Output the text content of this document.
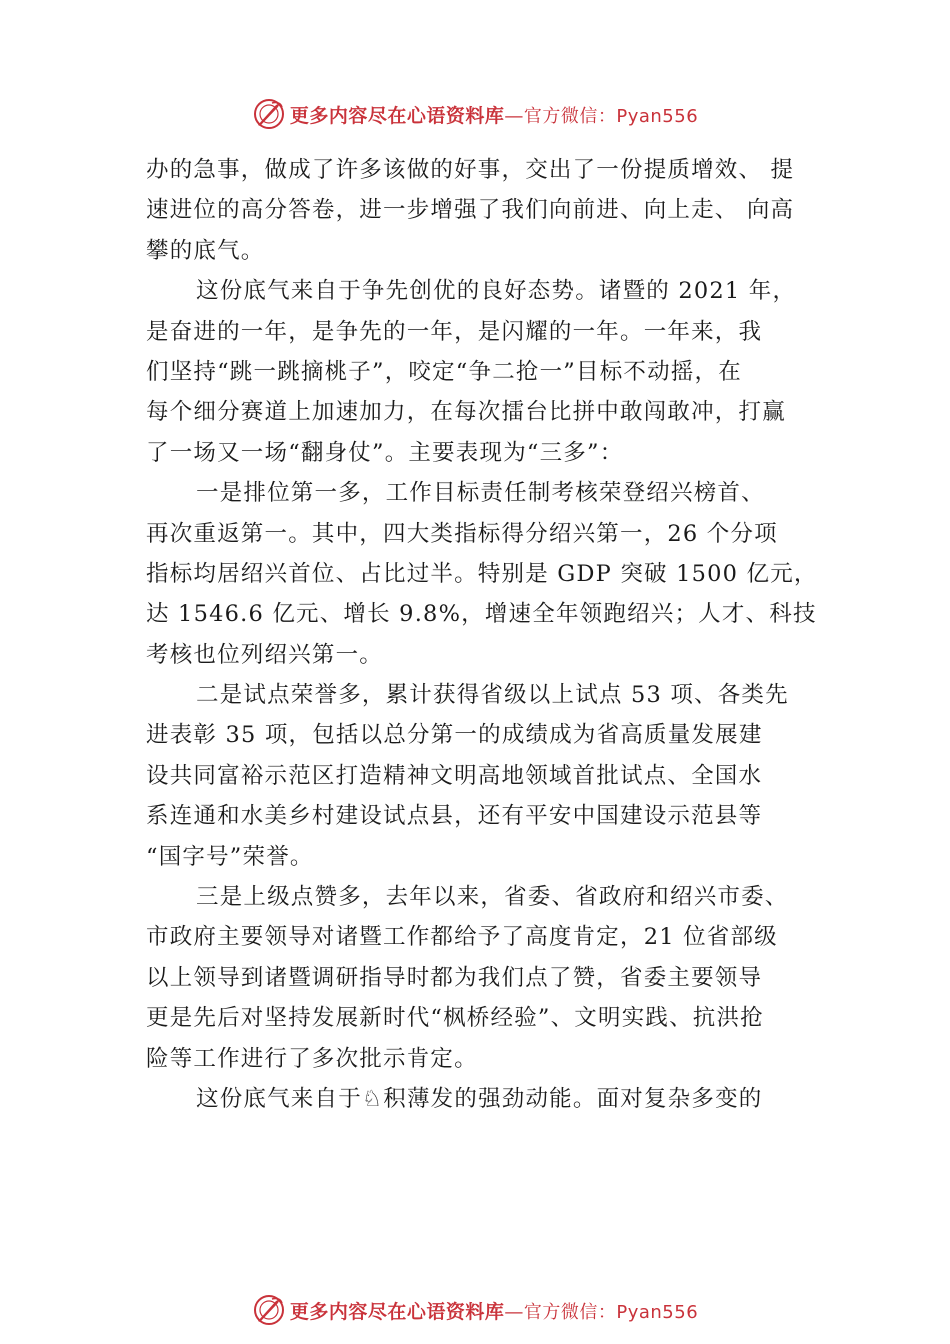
更多内容尽在心语资料库—官方微信：Pyan556
办的急事，做成了许多该做的好事，交出了一份提质增效、 提
速进位的高分答卷，进一步增强了我们向前进、向上走、 向高
攀的底气。
这份底气来自于争先创优的良好态势。诸暨的 2021 年，
是奋进的一年，是争先的一年，是闪耀的一年。一年来，我
们坚持“跳一跳摘桃子”，咬定“争二抢一”目标不动摇，在
每个细分赛道上加速加力，在每次擂台比拼中敢闯敢冲，打赢
了一场又一场“翻身仗”。主要表现为“三多”：
一是排位第一多，工作目标责任制考核荣登绍兴榜首、
再次重返第一。其中，四大类指标得分绍兴第一，26 个分项
指标均居绍兴首位、占比过半。特别是 GDP 突破 1500 亿元，
达 1546.6 亿元、增长 9.8%，增速全年领跑绍兴；人才、科技
考核也位列绍兴第一。
二是试点荣誉多，累计获得省级以上试点 53 项、各类先
进表彰 35 项，包括以总分第一的成绩成为省高质量发展建
设共同富裕示范区打造精神文明高地领域首批试点、全国水
系连通和水美乡村建设试点县，还有平安中国建设示范县等
“国字号”荣誉。
三是上级点赞多，去年以来，省委、省政府和绍兴市委、
市政府主要领导对诸暨工作都给予了高度肯定，21 位省部级
以上领导到诸暨调研指导时都为我们点了赞，省委主要领导
更是先后对坚持发展新时代“枫桥经验”、文明实践、抗洪抢
险等工作进行了多次批示肯定。
这份底气来自于♘积薄发的强劲动能。面对复杂多变的
更多内容尽在心语资料库—官方微信：Pyan556
